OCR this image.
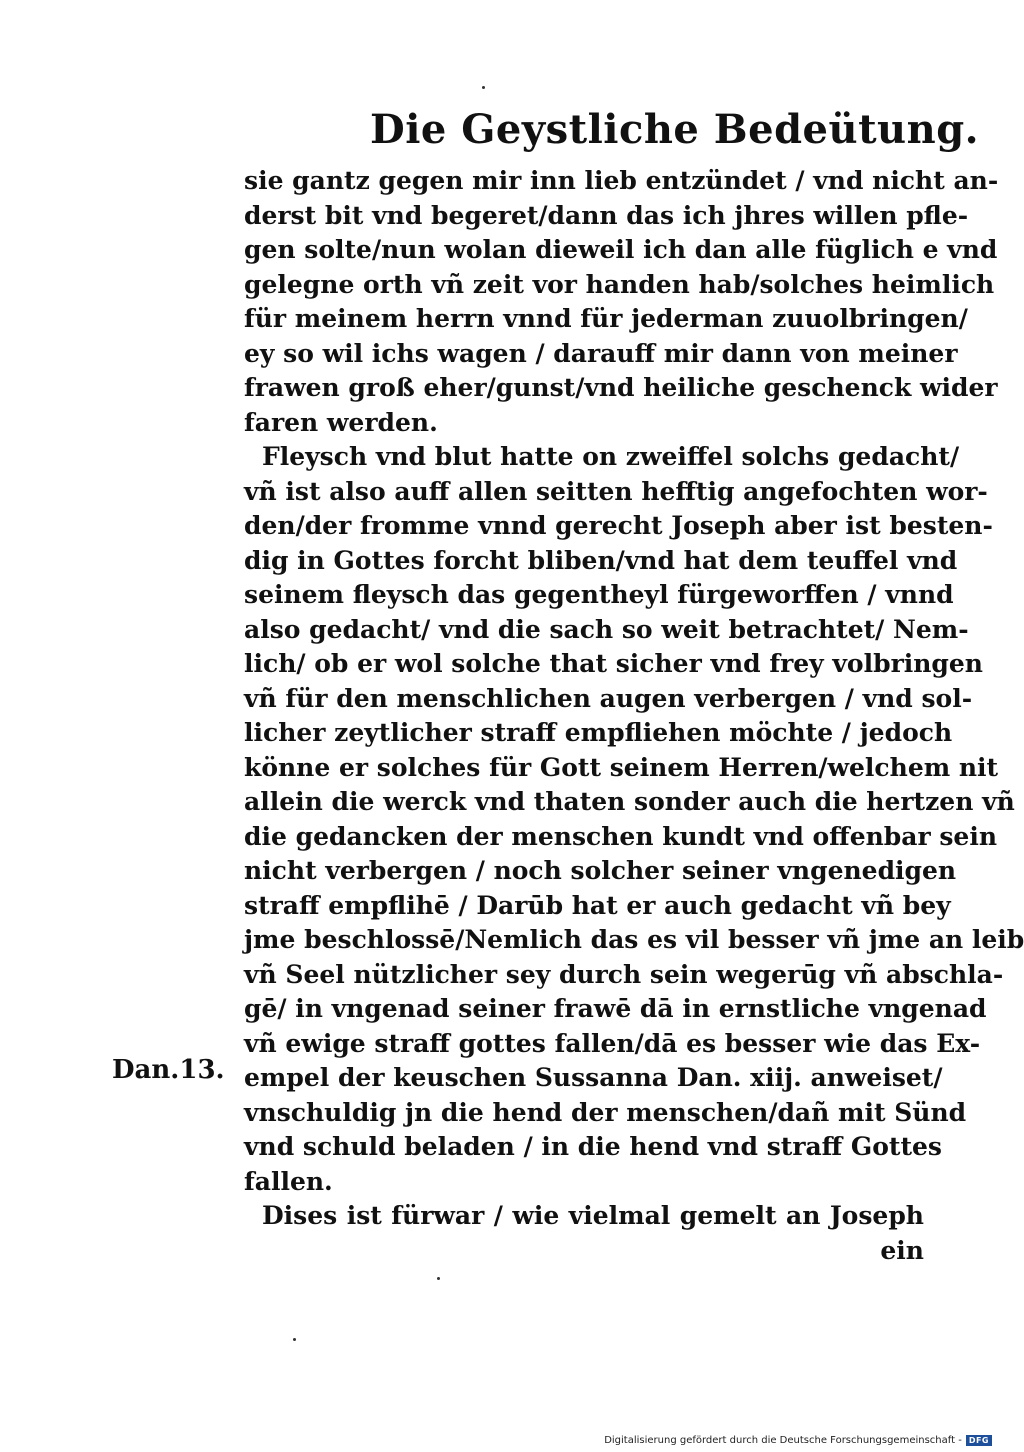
Die Geystliche Bedeütung.
sie gantz gegen mir inn lieb entzündet / vnd nicht an-
derst bit vnd begeret/dann das ich jhres willen pfle-
gen solte/nun wolan dieweil ich dan alle füglich e vnd
gelegne orth vñ zeit vor handen hab/solches heimlich
für meinem herrn vnnd für jederman zuuolbringen/
ey so wil ichs wagen / darauff mir dann von meiner
frawen groß eher/gunst/vnd heiliche geschenck wider
faren werden.
Fleysch vnd blut hatte on zweiffel solchs gedacht/
vñ ist also auff allen seitten hefftig angefochten wor-
den/der fromme vnnd gerecht Joseph aber ist besten-
dig in Gottes forcht bliben/vnd hat dem teuffel vnd
seinem fleysch das gegentheyl fürgeworffen / vnnd
also gedacht/ vnd die sach so weit betrachtet/ Nem-
lich/ ob er wol solche that sicher vnd frey volbringen
vñ für den menschlichen augen verbergen / vnd sol-
licher zeytlicher straff empfliehen möchte / jedoch
könne er solches für Gott seinem Herren/welchem nit
allein die werck vnd thaten sonder auch die hertzen vñ
die gedancken der menschen kundt vnd offenbar sein
nicht verbergen / noch solcher seiner vngenedigen
straff empflihē / Darūb hat er auch gedacht vñ bey
jme beschlossē/Nemlich das es vil besser vñ jme an leib
vñ Seel nützlicher sey durch sein wegerūg vñ abschla-
gē/ in vngenad seiner frawē dā in ernstliche vngenad
vñ ewige straff gottes fallen/dā es besser wie das Ex-
empel der keuschen Sussanna Dan. xiij. anweiset/
vnschuldig jn die hend der menschen/dañ mit Sünd
vnd schuld beladen / in die hend vnd straff Gottes
fallen.
Dises ist fürwar / wie vielmal gemelt an Joseph
ein
Dan.13.
Digitalisierung gefördert durch die Deutsche Forschungsgemeinschaft - DFG
